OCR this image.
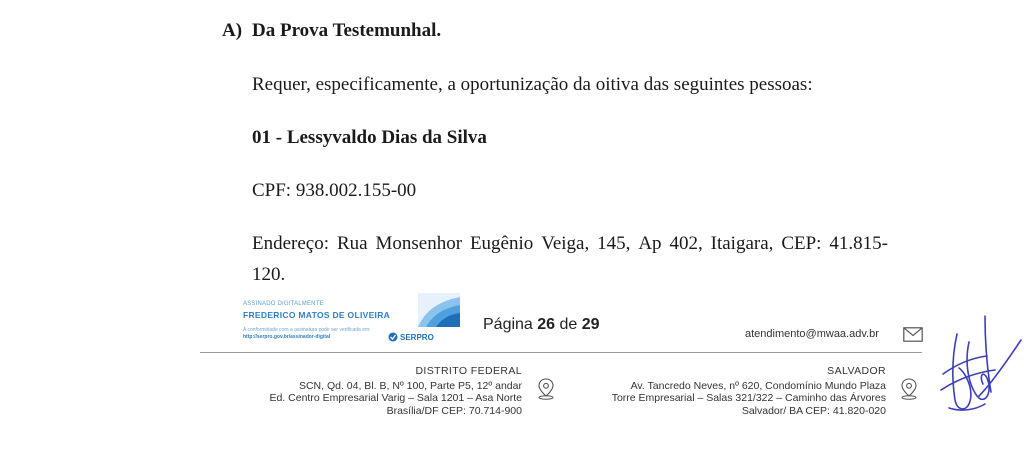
A) Da Prova Testemunhal.
Requer, especificamente, a oportunização da oitiva das seguintes pessoas:
01 - Lessyvaldo Dias da Silva
CPF: 938.002.155-00
Endereço: Rua Monsenhor Eugênio Veiga, 145, Ap 402, Itaigara, CEP: 41.815-
120.
ASSINADO DIGITALMENTE
FREDERICO MATOS DE OLIVEIRA
A conformidade com a assinatura pode ser verificada em:
http://serpro.gov.br/assinador-digital	SERPRO
Página 26 de 29
atendimento@mwaa.adv.br
DISTRITO FEDERAL
SCN, Qd. 04, Bl. B, Nº 100, Parte P5, 12º andar
Ed. Centro Empresarial Varig – Sala 1201 – Asa Norte
Brasília/DF CEP: 70.714-900
SALVADOR
Av. Tancredo Neves, nº 620, Condomínio Mundo Plaza
Torre Empresarial – Salas 321/322 – Caminho das Árvores
Salvador/ BA CEP: 41.820-020
